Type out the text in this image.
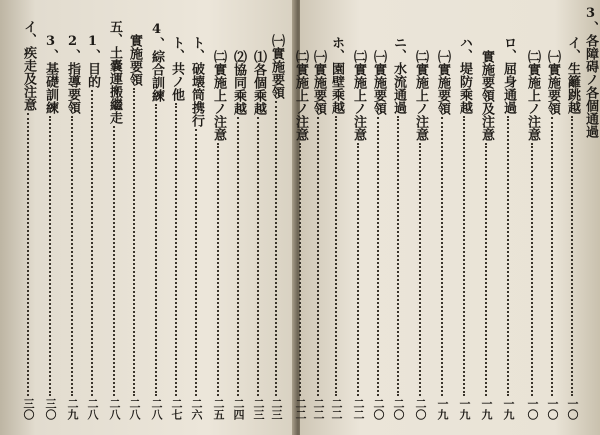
㈠實施要領
二三
⑴各個乘越
二三
⑵協同乘越
二四
㈡實施上ノ注意
二五
ト、破壊筒携行
二六
ト、共ノ他
二七
4、綜合訓練
二八
實施要領
二八
五、土嚢運搬繼走
二八
1、目的
二八
2、指導要領
二九
3、基礎訓練
三〇
イ、疾走及注意
三〇
3、各障碍ノ各個通過
イ、生籬跳越
一〇
㈠實施要領
一〇
㈡實施上ノ注意
一〇
ロ、屈身通過
一九
實施要領及注意
一九
ハ、堤防乘越
一九
㈠實施要領
一九
㈡實施上ノ注意
二〇
ニ、水流通過
二〇
㈠實施要領
二〇
㈡實施上ノ注意
二二
ホ、園壁乘越
二二
㈠實施要領
二二
㈡實施上ノ注意
二二
